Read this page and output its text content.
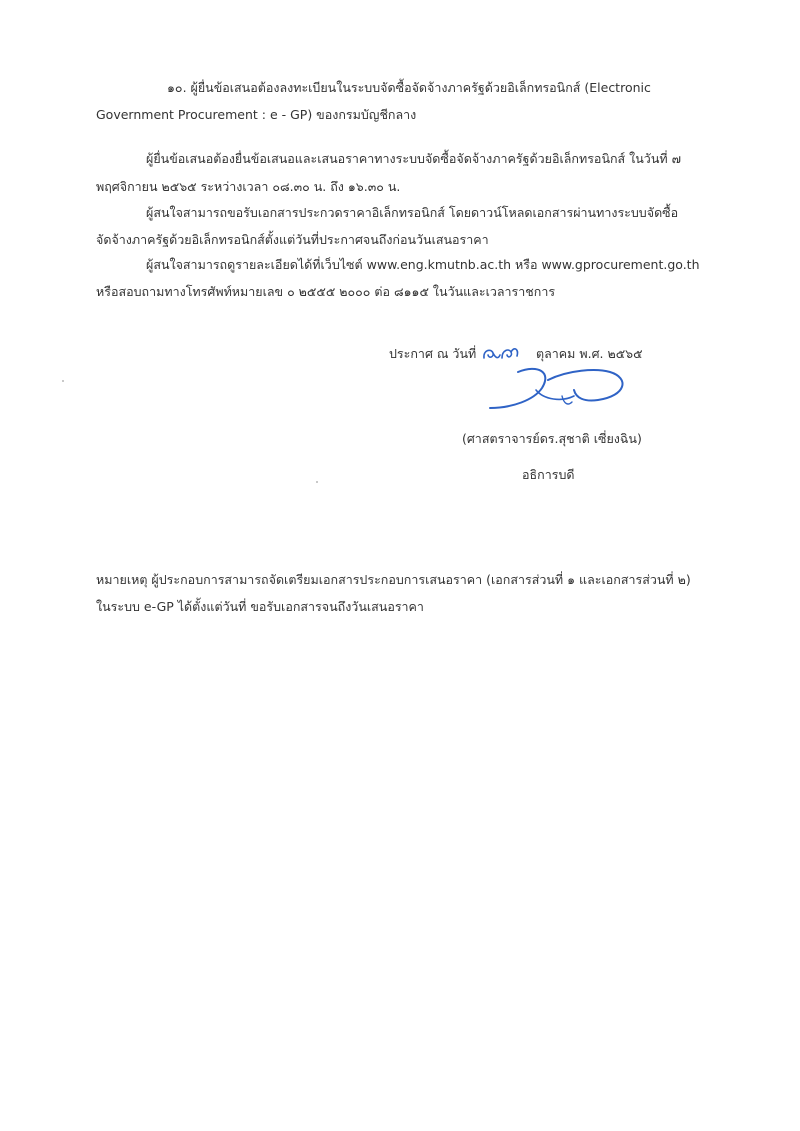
๑๐. ผู้ยื่นข้อเสนอต้องลงทะเบียนในระบบจัดซื้อจัดจ้างภาครัฐด้วยอิเล็กทรอนิกส์ (Electronic
Government Procurement : e - GP) ของกรมบัญชีกลาง
ผู้ยื่นข้อเสนอต้องยื่นข้อเสนอและเสนอราคาทางระบบจัดซื้อจัดจ้างภาครัฐด้วยอิเล็กทรอนิกส์ ในวันที่ ๗
พฤศจิกายน ๒๕๖๕ ระหว่างเวลา ๐๘.๓๐ น. ถึง ๑๖.๓๐ น.
ผู้สนใจสามารถขอรับเอกสารประกวดราคาอิเล็กทรอนิกส์ โดยดาวน์โหลดเอกสารผ่านทางระบบจัดซื้อ
จัดจ้างภาครัฐด้วยอิเล็กทรอนิกส์ตั้งแต่วันที่ประกาศจนถึงก่อนวันเสนอราคา
ผู้สนใจสามารถดูรายละเอียดได้ที่เว็บไซต์ www.eng.kmutnb.ac.th หรือ www.gprocurement.go.th
หรือสอบถามทางโทรศัพท์หมายเลข ๐ ๒๕๕๕ ๒๐๐๐ ต่อ ๘๑๑๕ ในวันและเวลาราชการ
ประกาศ ณ วันที่	ตุลาคม พ.ศ. ๒๕๖๕
(ศาสตราจารย์ดร.สุชาติ เซี่ยงฉิน)
อธิการบดี
หมายเหตุ ผู้ประกอบการสามารถจัดเตรียมเอกสารประกอบการเสนอราคา (เอกสารส่วนที่ ๑ และเอกสารส่วนที่ ๒)
ในระบบ e-GP ได้ตั้งแต่วันที่ ขอรับเอกสารจนถึงวันเสนอราคา
